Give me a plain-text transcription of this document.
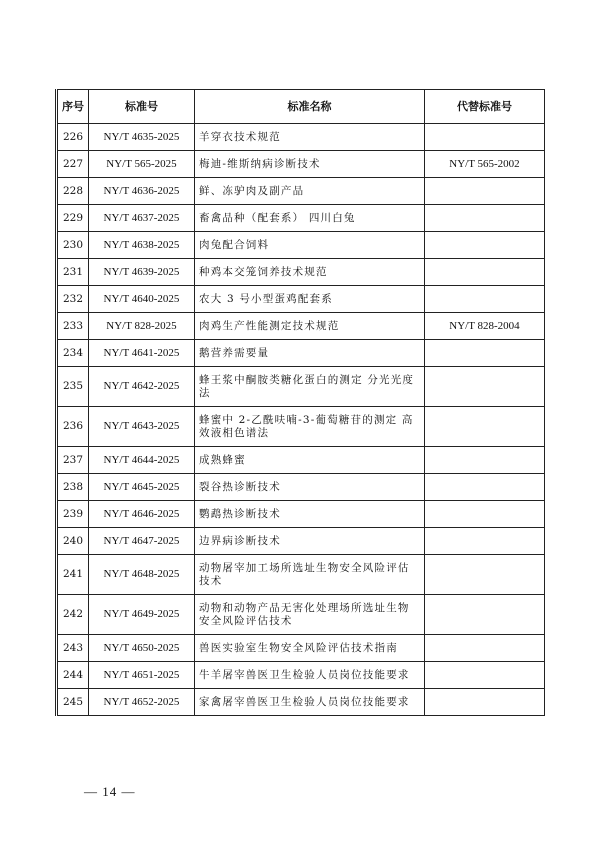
序号	标准号	标准名称	代替标准号
226	NY/T 4635-2025	羊穿衣技术规范	
227	NY/T 565-2025	梅迪-维斯纳病诊断技术	NY/T 565-2002
228	NY/T 4636-2025	鲜、冻驴肉及副产品	
229	NY/T 4637-2025	畜禽品种（配套系） 四川白兔	
230	NY/T 4638-2025	肉兔配合饲料	
231	NY/T 4639-2025	种鸡本交笼饲养技术规范	
232	NY/T 4640-2025	农大 3 号小型蛋鸡配套系	
233	NY/T 828-2025	肉鸡生产性能测定技术规范	NY/T 828-2004
234	NY/T 4641-2025	鹅营养需要量	
235	NY/T 4642-2025	蜂王浆中酮胺类糖化蛋白的测定 分光光度法	
236	NY/T 4643-2025	蜂蜜中 2-乙酰呋喃-3-葡萄糖苷的测定 高效液相色谱法	
237	NY/T 4644-2025	成熟蜂蜜	
238	NY/T 4645-2025	裂谷热诊断技术	
239	NY/T 4646-2025	鹦鹉热诊断技术	
240	NY/T 4647-2025	边界病诊断技术	
241	NY/T 4648-2025	动物屠宰加工场所选址生物安全风险评估技术	
242	NY/T 4649-2025	动物和动物产品无害化处理场所选址生物安全风险评估技术	
243	NY/T 4650-2025	兽医实验室生物安全风险评估技术指南	
244	NY/T 4651-2025	牛羊屠宰兽医卫生检验人员岗位技能要求	
245	NY/T 4652-2025	家禽屠宰兽医卫生检验人员岗位技能要求	
— 14 —
